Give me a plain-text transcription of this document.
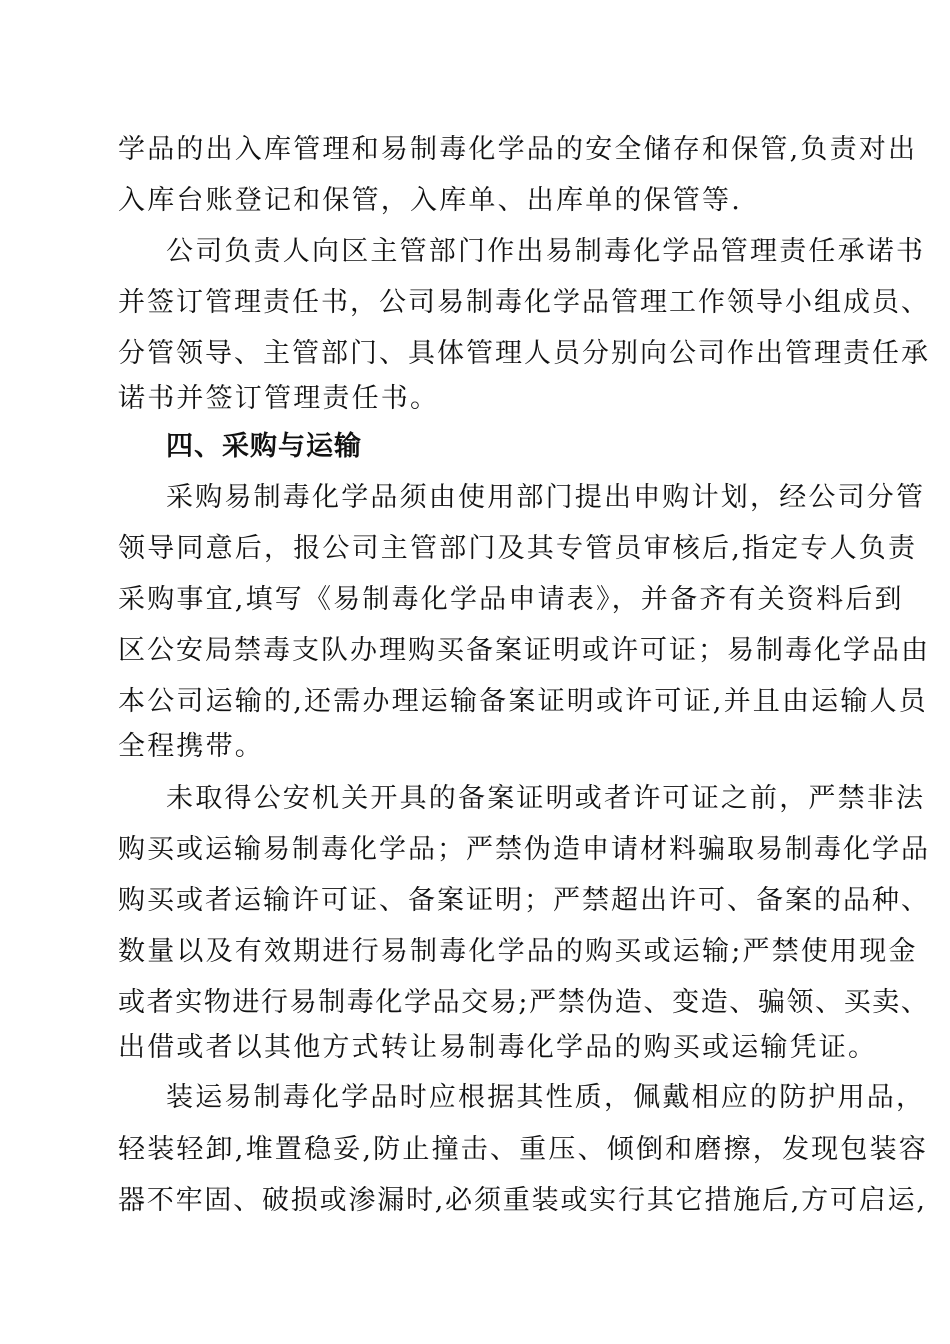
学品的出入库管理和易制毒化学品的安全储存和保管,负责对出

入库台账登记和保管，入库单、出库单的保管等.

公司负责人向区主管部门作出易制毒化学品管理责任承诺书

并签订管理责任书，公司易制毒化学品管理工作领导小组成员、

分管领导、主管部门、具体管理人员分别向公司作出管理责任承

诺书并签订管理责任书。

四、采购与运输

采购易制毒化学品须由使用部门提出申购计划，经公司分管

领导同意后，报公司主管部门及其专管员审核后,指定专人负责

采购事宜,填写《易制毒化学品申请表》，并备齐有关资料后到

区公安局禁毒支队办理购买备案证明或许可证；易制毒化学品由

本公司运输的,还需办理运输备案证明或许可证,并且由运输人员

全程携带。

未取得公安机关开具的备案证明或者许可证之前，严禁非法

购买或运输易制毒化学品；严禁伪造申请材料骗取易制毒化学品

购买或者运输许可证、备案证明；严禁超出许可、备案的品种、

数量以及有效期进行易制毒化学品的购买或运输;严禁使用现金

或者实物进行易制毒化学品交易;严禁伪造、变造、骗领、买卖、

出借或者以其他方式转让易制毒化学品的购买或运输凭证。

装运易制毒化学品时应根据其性质，佩戴相应的防护用品，

轻装轻卸,堆置稳妥,防止撞击、重压、倾倒和磨擦，发现包装容

器不牢固、破损或渗漏时,必须重装或实行其它措施后,方可启运,
